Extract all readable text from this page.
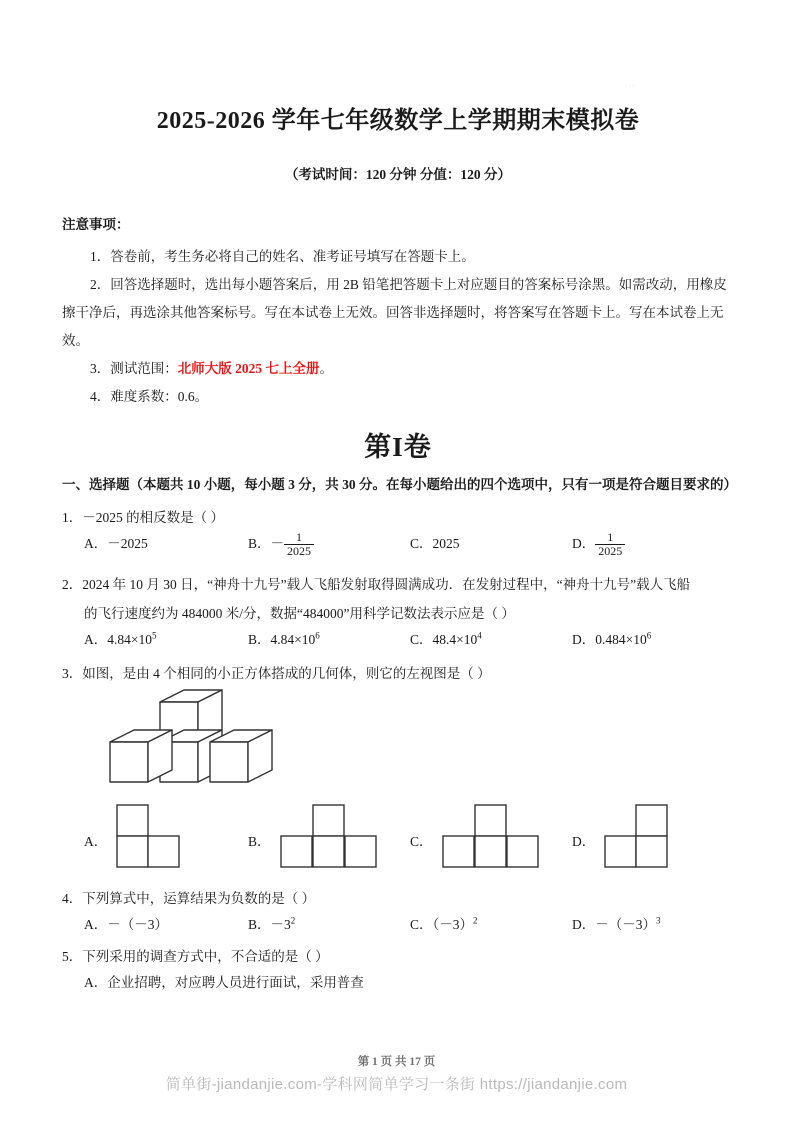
...
2025-2026 学年七年级数学上学期期末模拟卷

（考试时间：120 分钟 分值：120 分）

注意事项：

1．答卷前，考生务必将自己的姓名、准考证号填写在答题卡上。

2．回答选择题时，选出每小题答案后，用 2B 铅笔把答题卡上对应题目的答案标号涂黑。如需改动，用橡皮擦干净后，再选涂其他答案标号。写在本试卷上无效。回答非选择题时，将答案写在答题卡上。写在本试卷上无效。

3．测试范围：北师大版 2025 七上全册。

4．难度系数：0.6。

第I卷

一、选择题（本题共 10 小题，每小题 3 分，共 30 分。在每小题给出的四个选项中，只有一项是符合题目要求的）

1．－2025 的相反数是（ ）

A．－2025	B．－ $\frac{1}{2025}$	C．2025	D． $\frac{1}{2025}$

2．2024 年 10 月 30 日，“神舟十九号”载人飞船发射取得圆满成功．在发射过程中，“神舟十九号”载人飞船

的飞行速度约为 484000 米/分，数据“484000”用科学记数法表示应是（ ）

A．$4.84\times 10^5$	B．$4.84\times 10^6$	C．$48.4\times 10^4$	D．$0.484\times 10^6$

3．如图，是由 4 个相同的小正方体搭成的几何体，则它的左视图是（ ）

A．	B．	C．	D．

4．下列算式中，运算结果为负数的是（ ）

A．－（－3）	B．$-3^2$	C．$(-3)^2$	D．$-(-3)^3$

5．下列采用的调查方式中，不合适的是（ ）

A．企业招聘，对应聘人员进行面试，采用普查
第 1 页 共 17 页
简单街-jiandanjie.com-学科网简单学习一条街 https://jiandanjie.com
